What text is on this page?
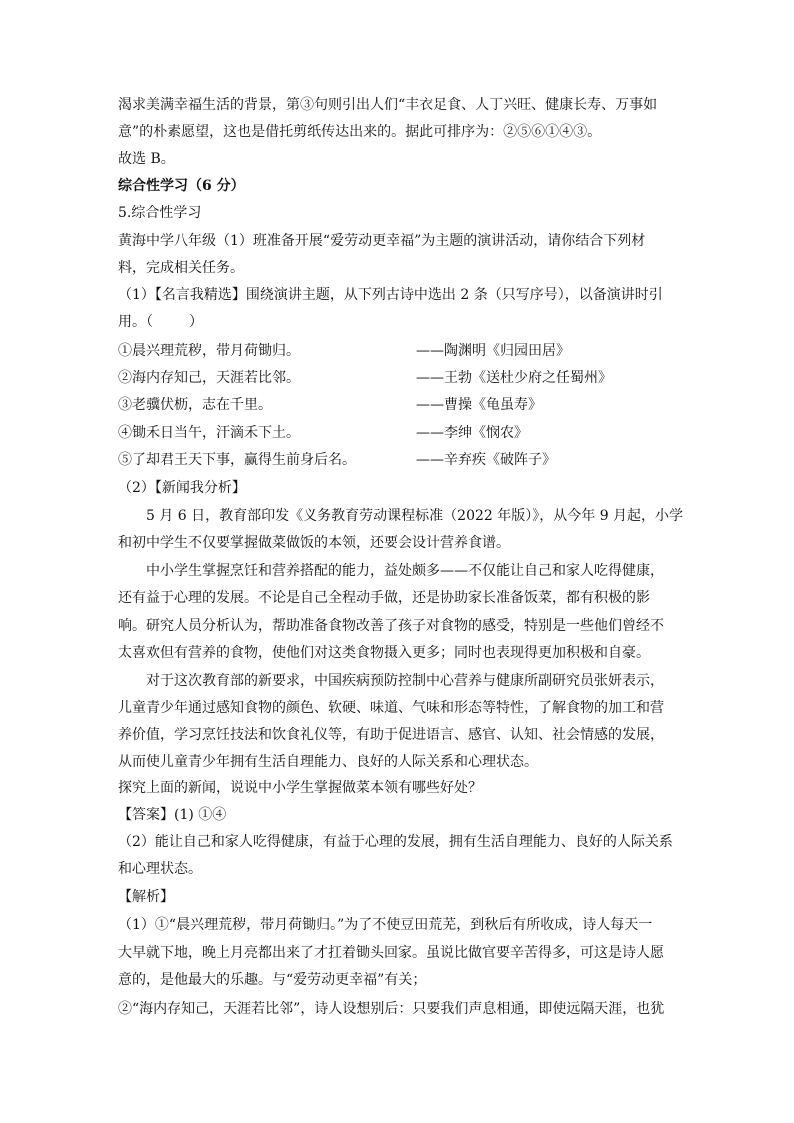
渴求美满幸福生活的背景，第③句则引出人们“丰衣足食、人丁兴旺、健康长寿、万事如
意”的朴素愿望，这也是借托剪纸传达出来的。据此可排序为：②⑤⑥①④③。
故选 B。
综合性学习（6 分）
5.综合性学习
黄海中学八年级（1）班准备开展“爱劳动更幸福”为主题的演讲活动，请你结合下列材
料，完成相关任务。
（1）【名言我精选】围绕演讲主题，从下列古诗中选出 2 条（只写序号），以备演讲时引
用。（	）
①晨兴理荒秽，带月荷锄归。	——陶渊明《归园田居》
②海内存知己，天涯若比邻。	——王勃《送杜少府之任蜀州》
③老骥伏枥，志在千里。	——曹操《龟虽寿》
④锄禾日当午，汗滴禾下土。	——李绅《悯农》
⑤了却君王天下事，赢得生前身后名。	——辛弃疾《破阵子》
（2）【新闻我分析】
5 月 6 日，教育部印发《义务教育劳动课程标准（2022 年版）》，从今年 9 月起，小学
和初中学生不仅要掌握做菜做饭的本领，还要会设计营养食谱。
中小学生掌握烹饪和营养搭配的能力，益处颇多——不仅能让自己和家人吃得健康，
还有益于心理的发展。不论是自己全程动手做，还是协助家长准备饭菜，都有积极的影
响。研究人员分析认为，帮助准备食物改善了孩子对食物的感受，特别是一些他们曾经不
太喜欢但有营养的食物，使他们对这类食物摄入更多；同时也表现得更加积极和自豪。
对于这次教育部的新要求，中国疾病预防控制中心营养与健康所副研究员张妍表示，
儿童青少年通过感知食物的颜色、软硬、味道、气味和形态等特性，了解食物的加工和营
养价值，学习烹饪技法和饮食礼仪等，有助于促进语言、感官、认知、社会情感的发展，
从而使儿童青少年拥有生活自理能力、良好的人际关系和心理状态。
探究上面的新闻，说说中小学生掌握做菜本领有哪些好处？
【答案】(1) ①④
（2）能让自己和家人吃得健康，有益于心理的发展，拥有生活自理能力、良好的人际关系
和心理状态。
【解析】
（1）①“晨兴理荒秽，带月荷锄归。”为了不使豆田荒芜，到秋后有所收成，诗人每天一
大早就下地，晚上月亮都出来了才扛着锄头回家。虽说比做官要辛苦得多，可这是诗人愿
意的，是他最大的乐趣。与“爱劳动更幸福”有关；
②“海内存知己，天涯若比邻”，诗人设想别后：只要我们声息相通，即使远隔天涯，也犹
